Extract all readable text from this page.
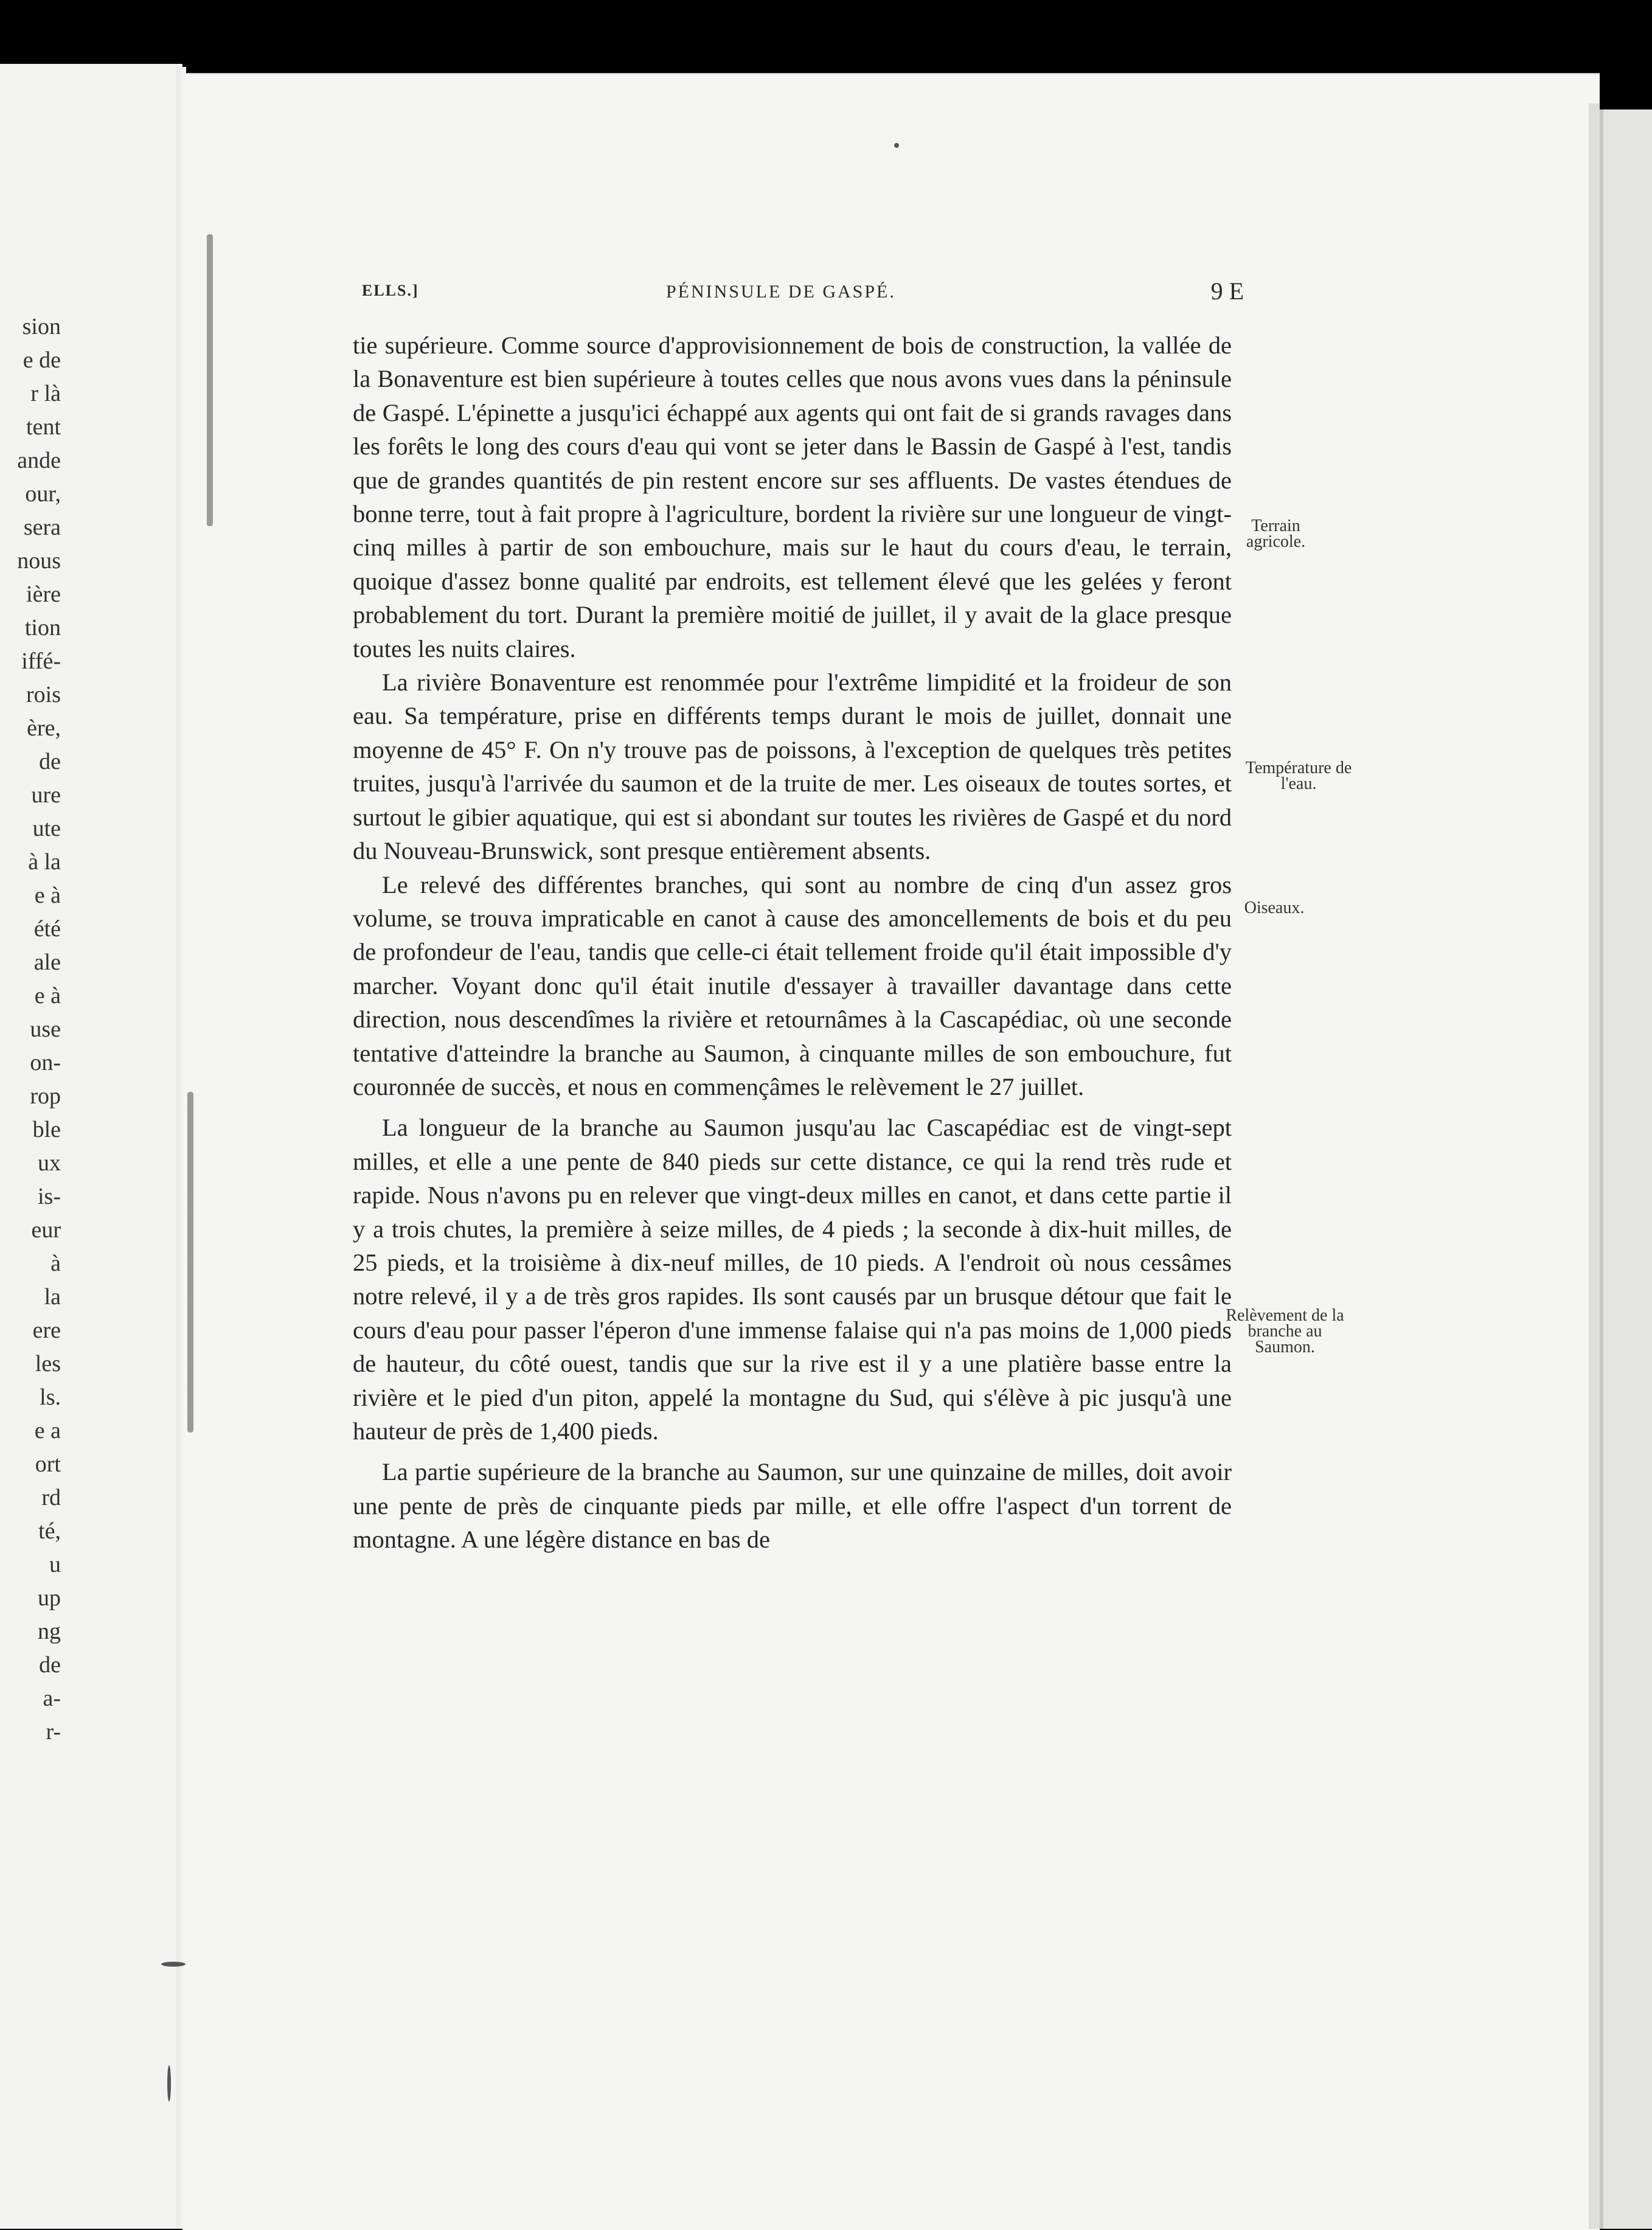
sion
e de
r là
tent
ande
our,
sera
nous
ière
tion
iffé-
rois
ère,
de
ure
ute
à la
e à
été
ale
e à
use
on-
rop
ble
ux
is-
eur
à
la
ere
les
ls.
e a
ort
rd
té,
u
up
ng
de
a-
r-
ELLS.]	PÉNINSULE DE GASPÉ.	9 E

tie supérieure. Comme source d'approvisionnement de bois de construction, la vallée de la Bonaventure est bien supérieure à toutes celles que nous avons vues dans la péninsule de Gaspé. L'épinette a jusqu'ici échappé aux agents qui ont fait de si grands ravages dans les forêts le long des cours d'eau qui vont se jeter dans le Bassin de Gaspé à l'est, tandis que de grandes quantités de pin restent encore sur ses affluents. De vastes étendues de bonne terre, tout à fait propre à l'agriculture, bordent la rivière sur une longueur de vingt-cinq milles à partir de son embouchure, mais sur le haut du cours d'eau, le terrain, quoique d'assez bonne qualité par endroits, est tellement élevé que les gelées y feront probablement du tort. Durant la première moitié de juillet, il y avait de la glace presque toutes les nuits claires.

La rivière Bonaventure est renommée pour l'extrême limpidité et la froideur de son eau. Sa température, prise en différents temps durant le mois de juillet, donnait une moyenne de 45° F. On n'y trouve pas de poissons, à l'exception de quelques très petites truites, jusqu'à l'arrivée du saumon et de la truite de mer. Les oiseaux de toutes sortes, et surtout le gibier aquatique, qui est si abondant sur toutes les rivières de Gaspé et du nord du Nouveau-Brunswick, sont presque entièrement absents.

Le relevé des différentes branches, qui sont au nombre de cinq d'un assez gros volume, se trouva impraticable en canot à cause des amoncellements de bois et du peu de profondeur de l'eau, tandis que celle-ci était tellement froide qu'il était impossible d'y marcher. Voyant donc qu'il était inutile d'essayer à travailler davantage dans cette direction, nous descendîmes la rivière et retournâmes à la Cascapédiac, où une seconde tentative d'atteindre la branche au Saumon, à cinquante milles de son embouchure, fut couronnée de succès, et nous en commençâmes le relèvement le 27 juillet.

La longueur de la branche au Saumon jusqu'au lac Cascapédiac est de vingt-sept milles, et elle a une pente de 840 pieds sur cette distance, ce qui la rend très rude et rapide. Nous n'avons pu en relever que vingt-deux milles en canot, et dans cette partie il y a trois chutes, la première à seize milles, de 4 pieds ; la seconde à dix-huit milles, de 25 pieds, et la troisième à dix-neuf milles, de 10 pieds. A l'endroit où nous cessâmes notre relevé, il y a de très gros rapides. Ils sont causés par un brusque détour que fait le cours d'eau pour passer l'éperon d'une immense falaise qui n'a pas moins de 1,000 pieds de hauteur, du côté ouest, tandis que sur la rive est il y a une platière basse entre la rivière et le pied d'un piton, appelé la montagne du Sud, qui s'élève à pic jusqu'à une hauteur de près de 1,400 pieds.

La partie supérieure de la branche au Saumon, sur une quinzaine de milles, doit avoir une pente de près de cinquante pieds par mille, et elle offre l'aspect d'un torrent de montagne. A une légère distance en bas de

Terrain agricole.
Température de l'eau.
Oiseaux.
Relèvement de la branche au Saumon.
